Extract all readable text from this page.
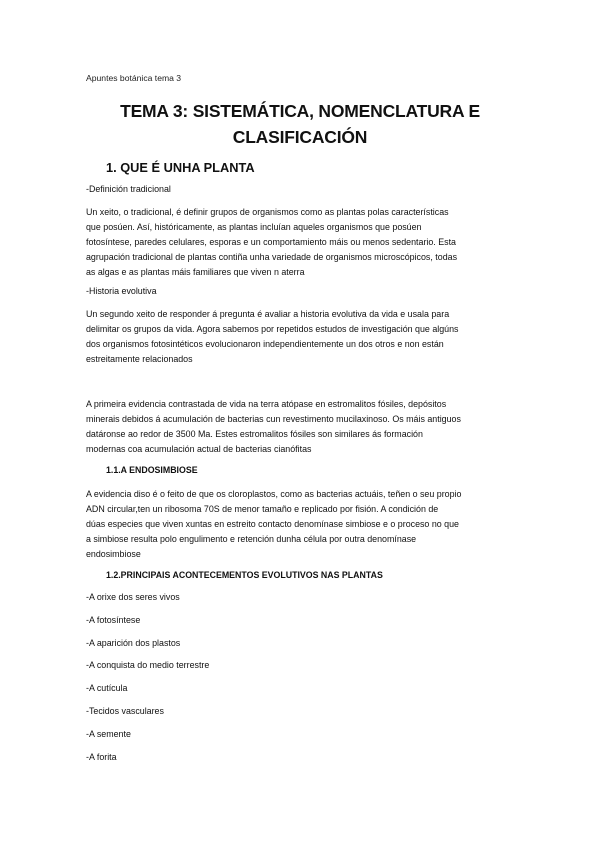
Apuntes botánica tema 3
TEMA 3: SISTEMÁTICA, NOMENCLATURA E
CLASIFICACIÓN
1. QUE É UNHA PLANTA
-Definición tradicional
Un xeito, o tradicional, é definir grupos de organismos como as plantas polas características
que posúen. Así, históricamente, as plantas incluían aqueles organismos que posúen
fotosíntese, paredes celulares, esporas e un comportamiento máis ou menos sedentario. Esta
agrupación tradicional de plantas contiña unha variedade de organismos microscópicos, todas
as algas e as plantas máis familiares que viven n aterra
-Historia evolutiva
Un segundo xeito de responder á pregunta é avaliar a historia evolutiva da vida e usala para
delimitar os grupos da vida. Agora sabemos por repetidos estudos de investigación que algúns
dos organismos fotosintéticos evolucionaron independientemente un dos otros e non están
estreitamente relacionados
A primeira evidencia contrastada de vida na terra atópase en estromalitos fósiles, depósitos
minerais debidos á acumulación de bacterias cun revestimento mucilaxinoso. Os máis antiguos
datáronse ao redor de 3500 Ma. Estes estromalitos fósiles son similares ás formación
modernas coa acumulación actual de bacterias cianófitas
1.1.A ENDOSIMBIOSE
A evidencia diso é o feito de que os cloroplastos, como as bacterias actuáis, teñen o seu propio
ADN circular,ten un ribosoma 70S de menor tamaño e replicado por fisión. A condición de
dúas especies que viven xuntas en estreito contacto denomínase simbiose e o proceso no que
a simbiose resulta polo engulimento e retención dunha célula por outra denomínase
endosimbiose
1.2.PRINCIPAIS ACONTECEMENTOS EVOLUTIVOS NAS PLANTAS
-A orixe dos seres vivos
-A fotosíntese
-A aparición dos plastos
-A conquista do medio terrestre
-A cutícula
-Tecidos vasculares
-A semente
-A forita
